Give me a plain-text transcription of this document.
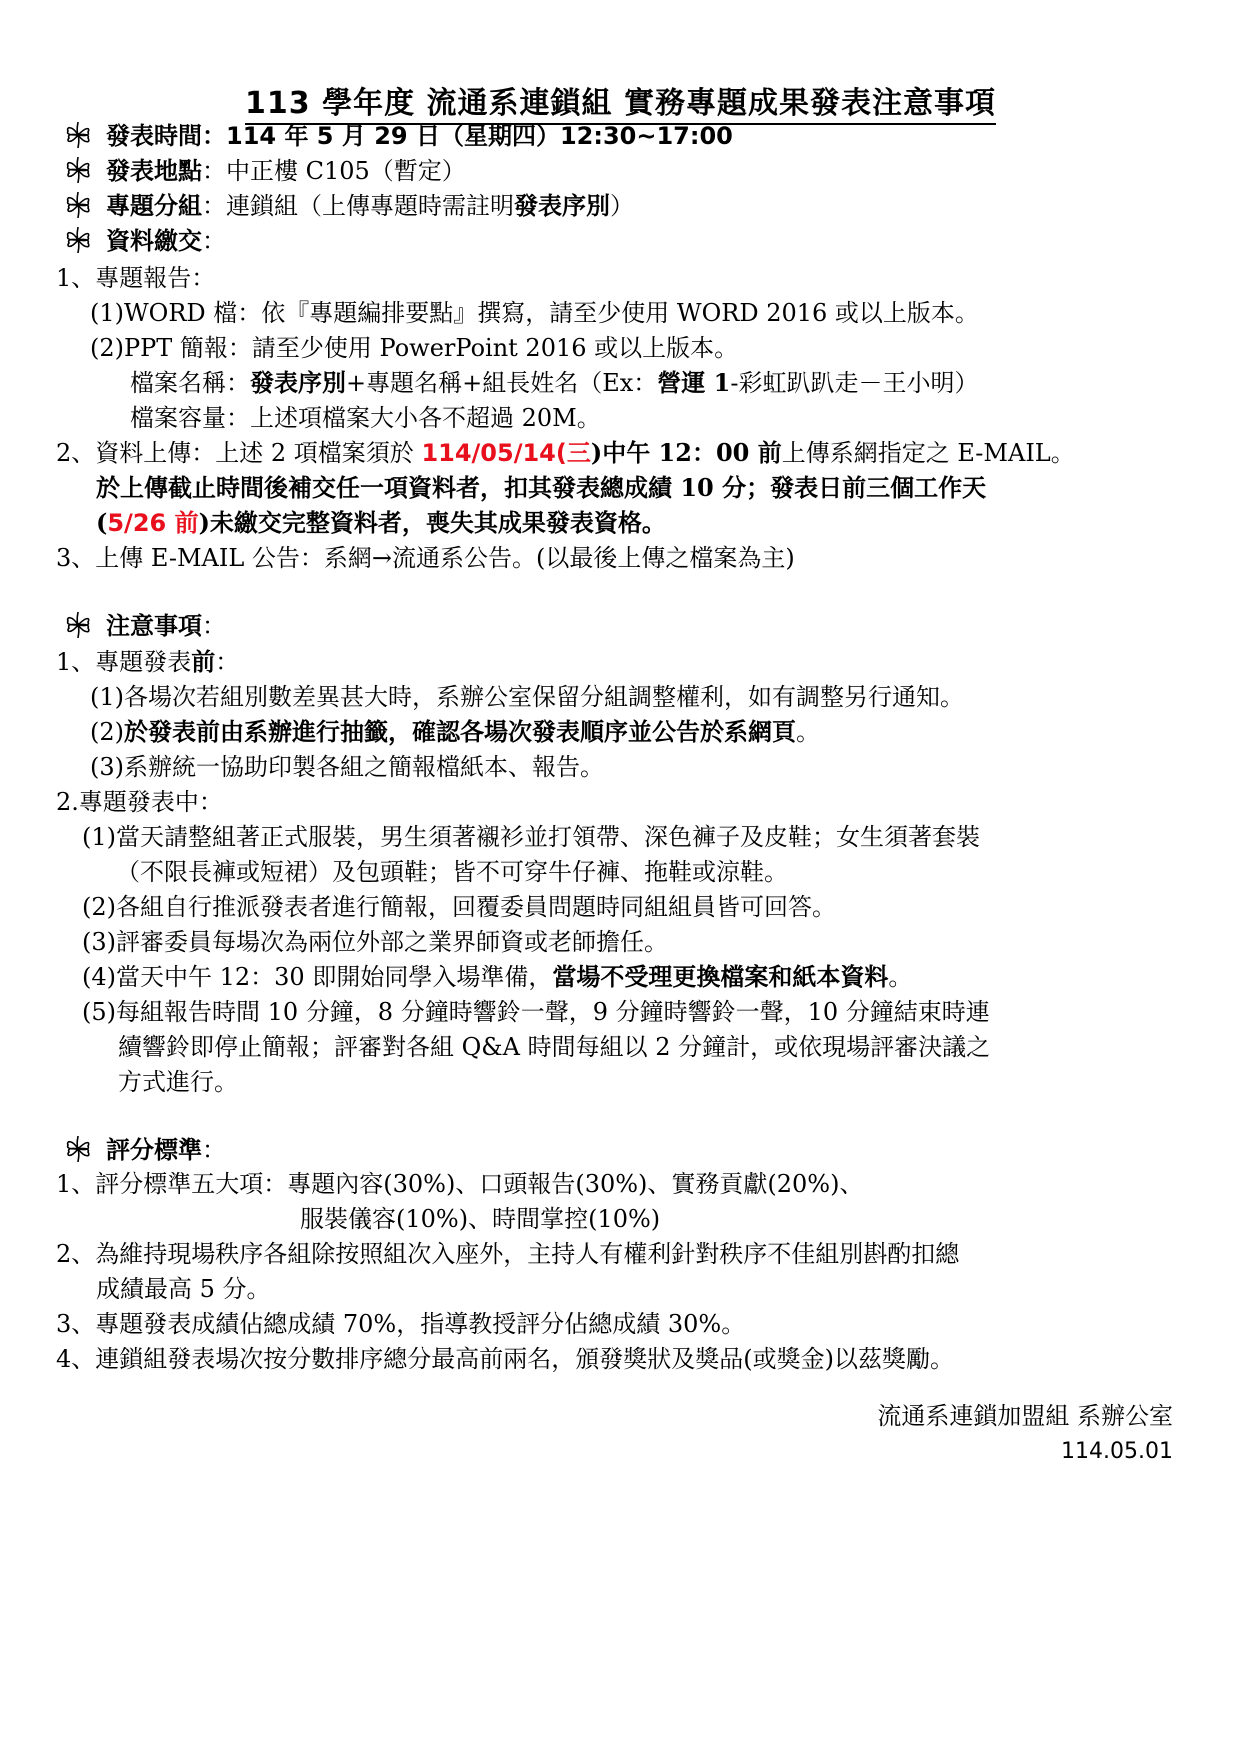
113 學年度 流通系連鎖組 實務專題成果發表注意事項
發表時間：114 年 5 月 29 日（星期四）12:30~17:00
發表地點：中正樓 C105（暫定）
專題分組：連鎖組（上傳專題時需註明發表序別）
資料繳交：
1、專題報告：
(1)WORD 檔：依『專題編排要點』撰寫，請至少使用 WORD 2016 或以上版本。
(2)PPT 簡報：請至少使用 PowerPoint 2016 或以上版本。
檔案名稱：發表序別+專題名稱+組長姓名（Ex：營運 1-彩虹趴趴走－王小明）
檔案容量：上述項檔案大小各不超過 20M。
2、資料上傳：上述 2 項檔案須於 114/05/14(三)中午 12：00 前上傳系網指定之 E-MAIL。
於上傳截止時間後補交任一項資料者，扣其發表總成績 10 分；發表日前三個工作天
(5/26 前)未繳交完整資料者，喪失其成果發表資格。
3、上傳 E-MAIL 公告：系網→流通系公告。(以最後上傳之檔案為主)
注意事項：
1、專題發表前：
(1)各場次若組別數差異甚大時，系辦公室保留分組調整權利，如有調整另行通知。
(2)於發表前由系辦進行抽籤，確認各場次發表順序並公告於系網頁。
(3)系辦統一協助印製各組之簡報檔紙本、報告。
2.專題發表中：
(1)當天請整組著正式服裝，男生須著襯衫並打領帶、深色褲子及皮鞋；女生須著套裝
（不限長褲或短裙）及包頭鞋；皆不可穿牛仔褲、拖鞋或涼鞋。
(2)各組自行推派發表者進行簡報，回覆委員問題時同組組員皆可回答。
(3)評審委員每場次為兩位外部之業界師資或老師擔任。
(4)當天中午 12：30 即開始同學入場準備，當場不受理更換檔案和紙本資料。
(5)每組報告時間 10 分鐘，8 分鐘時響鈴一聲，9 分鐘時響鈴一聲，10 分鐘結束時連
續響鈴即停止簡報；評審對各組 Q&A 時間每組以 2 分鐘計，或依現場評審決議之
方式進行。
評分標準：
1、評分標準五大項：專題內容(30%)、口頭報告(30%)、實務貢獻(20%)、
服裝儀容(10%)、時間掌控(10%)
2、為維持現場秩序各組除按照組次入座外，主持人有權利針對秩序不佳組別斟酌扣總
成績最高 5 分。
3、專題發表成績佔總成績 70%，指導教授評分佔總成績 30%。
4、連鎖組發表場次按分數排序總分最高前兩名，頒發獎狀及獎品(或獎金)以茲獎勵。
流通系連鎖加盟組 系辦公室
114.05.01
